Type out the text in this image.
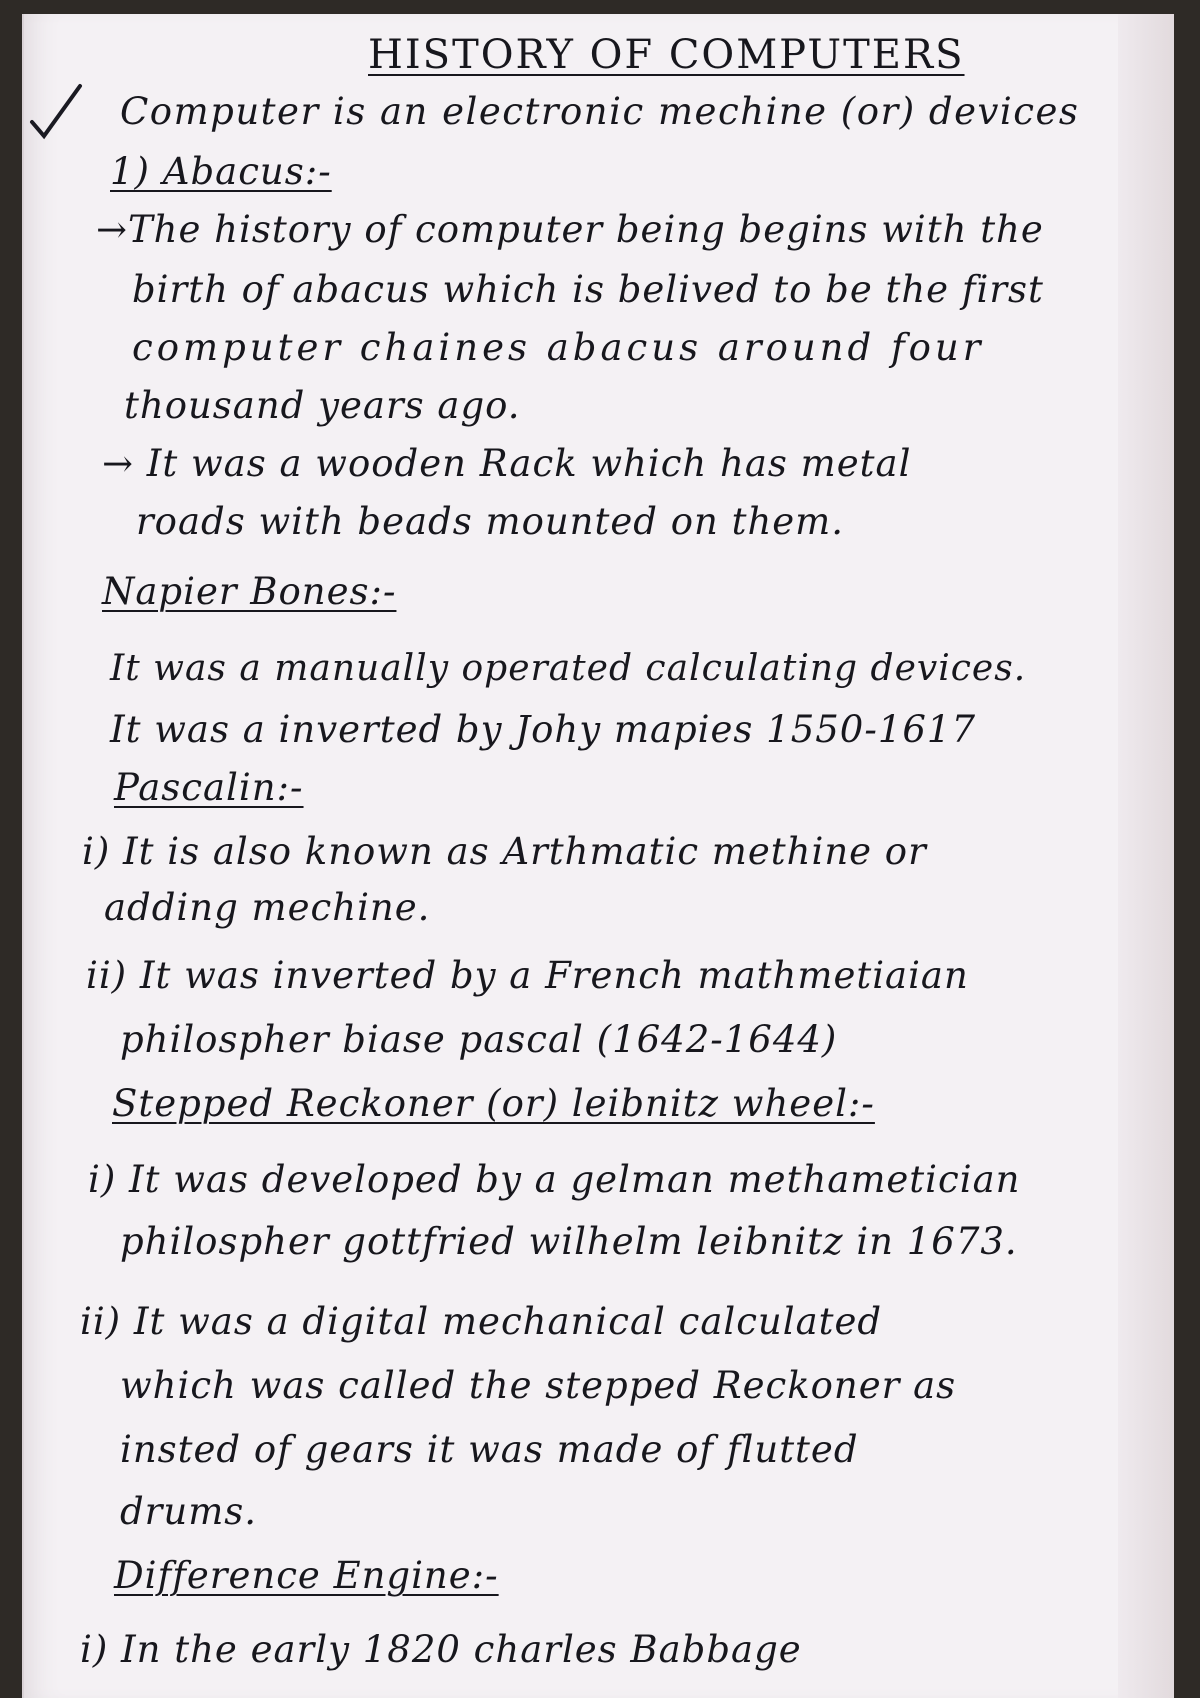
HISTORY OF COMPUTERS
Computer is an electronic mechine (or) devices
1) Abacus:-
→The history of computer being begins with the
birth of abacus which is belived to be the first
computer chaines abacus around four
thousand years ago.
→ It was a wooden Rack which has metal
roads with beads mounted on them.
Napier Bones:-
It was a manually operated calculating devices.
It was a inverted by Johy mapies 1550-1617
Pascalin:-
i) It is also known as Arthmatic methine or
adding mechine.
ii) It was inverted by a French mathmetiaian
philospher biase pascal (1642-1644)
Stepped Reckoner (or) leibnitz wheel:-
i) It was developed by a gelman methametician
philospher gottfried wilhelm leibnitz in 1673.
ii) It was a digital mechanical calculated
which was called the stepped Reckoner as
insted of gears it was made of flutted
drums.
Difference Engine:-
i) In the early 1820 charles Babbage
